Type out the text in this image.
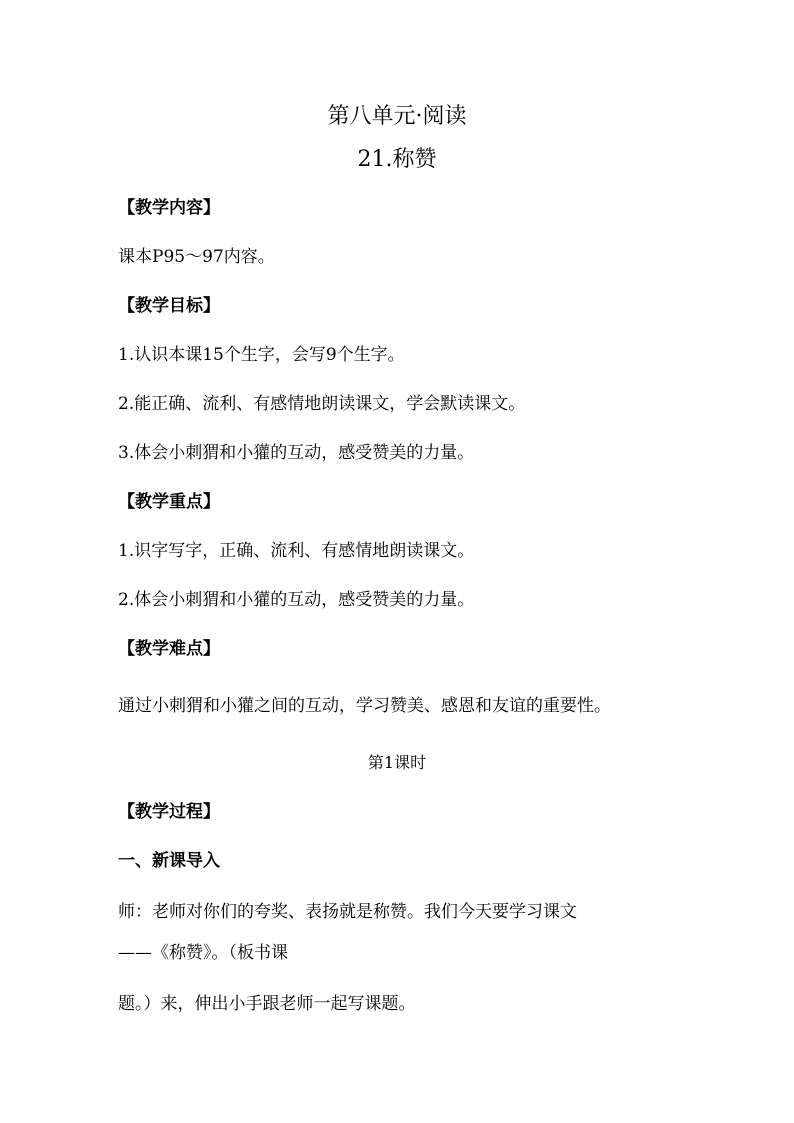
第八单元·阅读
21.称赞
【教学内容】
课本P95～97内容。
【教学目标】
1.认识本课15个生字，会写9个生字。
2.能正确、流利、有感情地朗读课文，学会默读课文。
3.体会小刺猬和小獾的互动，感受赞美的力量。
【教学重点】
1.识字写字，正确、流利、有感情地朗读课文。
2.体会小刺猬和小獾的互动，感受赞美的力量。
【教学难点】
通过小刺猬和小獾之间的互动，学习赞美、感恩和友谊的重要性。
第1课时
【教学过程】
一、新课导入
师：老师对你们的夸奖、表扬就是称赞。我们今天要学习课文
——《称赞》。（板书课
题。）来，伸出小手跟老师一起写课题。
